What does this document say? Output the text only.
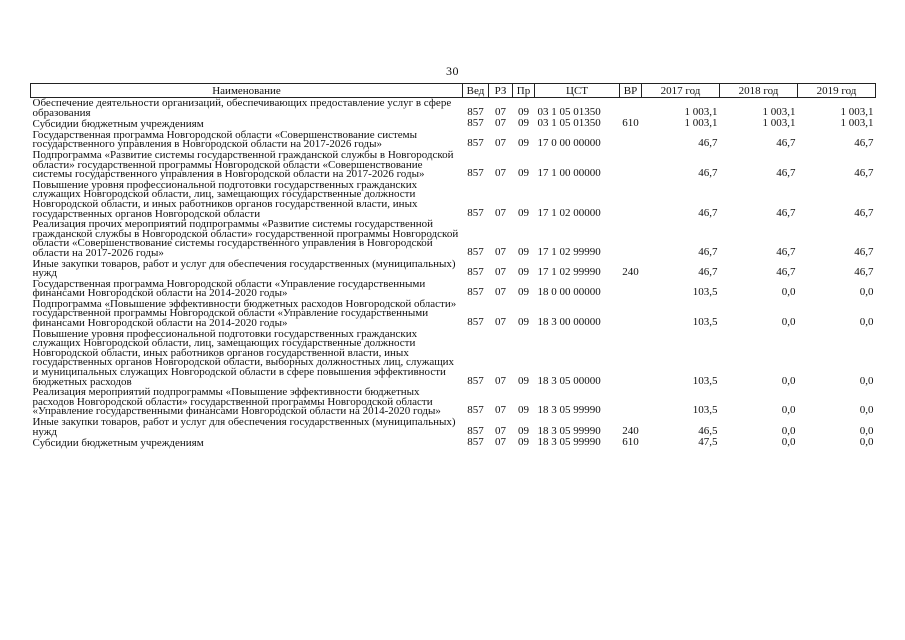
30
Наименование	Вед	РЗ	Пр	ЦСТ	ВР	2017 год	2018 год	2019 год
Обеспечение деятельности организаций, обеспечивающих предоставление услуг в сфере образования	857	07	09	03 1 05 01350		1 003,1	1 003,1	1 003,1
Субсидии бюджетным учреждениям	857	07	09	03 1 05 01350	610	1 003,1	1 003,1	1 003,1
Государственная программа Новгородской области «Совершенствование системы государственного управления в Новгородской области на 2017-2026 годы»	857	07	09	17 0 00 00000		46,7	46,7	46,7
Подпрограмма «Развитие системы государственной гражданской службы в Новгородской области» государственной программы Новгородской области «Совершенствование системы государственного управления в Новгородской области на 2017-2026 годы»	857	07	09	17 1 00 00000		46,7	46,7	46,7
Повышение уровня профессиональной подготовки государственных гражданских служащих Новгородской области, лиц, замещающих государственные должности Новгородской области, и иных работников органов государственной власти, иных государственных органов Новгородской области	857	07	09	17 1 02 00000		46,7	46,7	46,7
Реализация прочих мероприятий подпрограммы «Развитие системы государственной гражданской службы в Новгородской области» государственной программы Новгородской области «Совершенствование системы государственного управления в Новгородской области на 2017-2026 годы»	857	07	09	17 1 02 99990		46,7	46,7	46,7
Иные закупки товаров, работ и услуг для обеспечения государственных (муниципальных) нужд	857	07	09	17 1 02 99990	240	46,7	46,7	46,7
Государственная программа Новгородской области «Управление государственными финансами Новгородской области на 2014-2020 годы»	857	07	09	18 0 00 00000		103,5	0,0	0,0
Подпрограмма «Повышение эффективности бюджетных расходов Новгородской области» государственной программы Новгородской области «Управление государственными финансами Новгородской области на 2014-2020 годы»	857	07	09	18 3 00 00000		103,5	0,0	0,0
Повышение уровня профессиональной подготовки государственных гражданских служащих Новгородской области, лиц, замещающих государственные должности Новгородской области, иных работников органов государственной власти, иных государственных органов Новгородской области, выборных должностных лиц, служащих и муниципальных служащих Новгородской области в сфере повышения эффективности бюджетных расходов	857	07	09	18 3 05 00000		103,5	0,0	0,0
Реализация мероприятий подпрограммы «Повышение эффективности бюджетных расходов Новгородской области» государственной программы Новгородской области «Управление государственными финансами Новгородской области на 2014-2020 годы»	857	07	09	18 3 05 99990		103,5	0,0	0,0
Иные закупки товаров, работ и услуг для обеспечения государственных (муниципальных) нужд	857	07	09	18 3 05 99990	240	46,5	0,0	0,0
Субсидии бюджетным учреждениям	857	07	09	18 3 05 99990	610	47,5	0,0	0,0
